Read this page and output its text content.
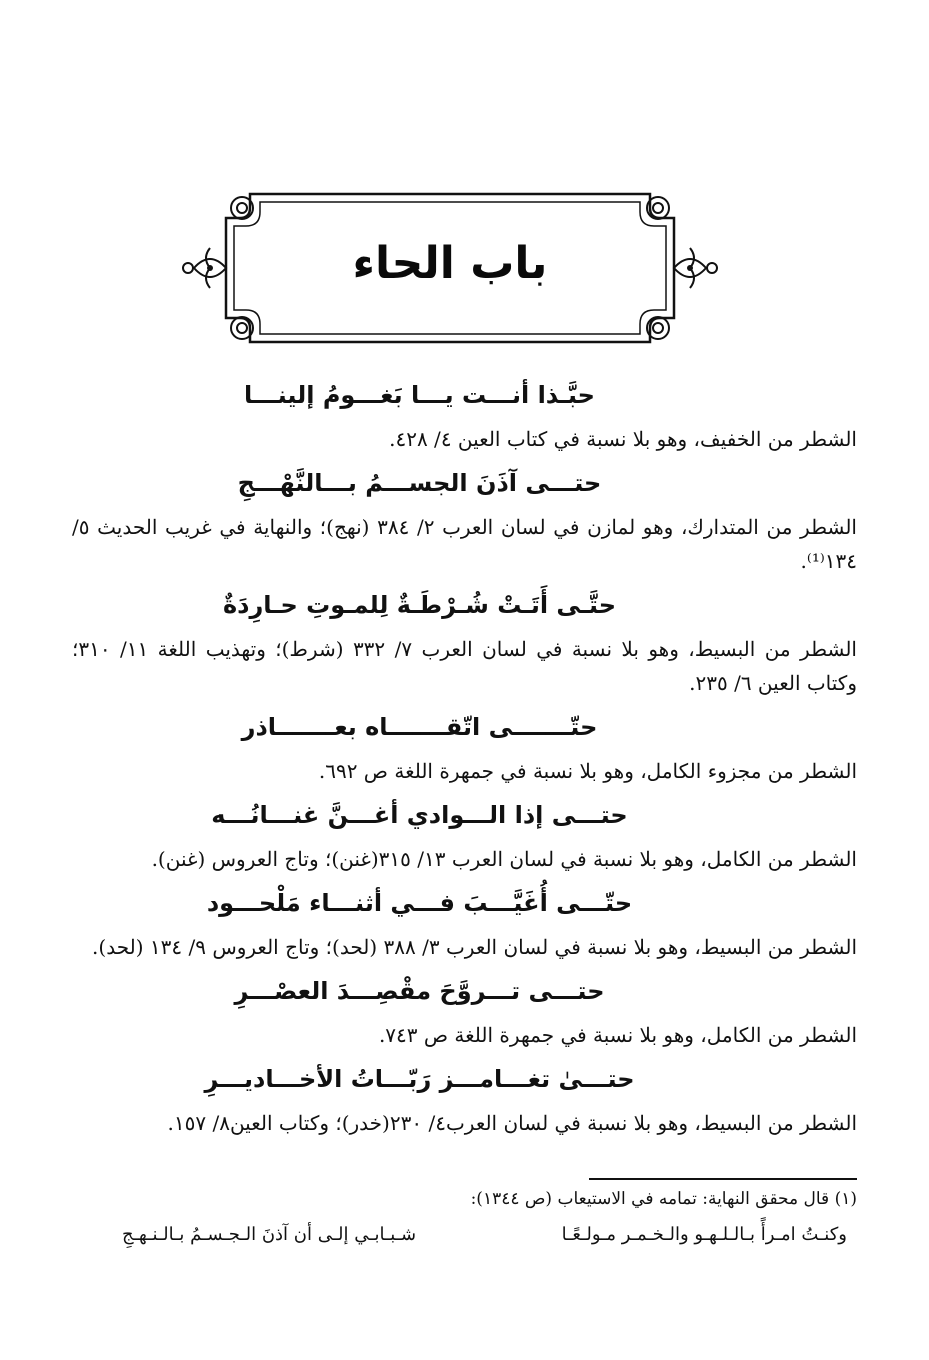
باب الحاء

حبَّـذا أنـــت يـــا بَغـــومُ إلينـــا

الشطر من الخفيف، وهو بلا نسبة في كتاب العين ٤/ ٤٢٨.

حتـــى آذَنَ الجســـمُ بـــالنَّهْـــجِ

الشطر من المتدارك، وهو لمازن في لسان العرب ٢/ ٣٨٤ (نهج)؛ والنهاية في غريب الحديث ٥/ ١٣٤⁽¹⁾.

حتَّـى أَتَـتْ شُـرْطَـةٌ لِلمـوتِ حـارِدَةٌ

الشطر من البسيط، وهو بلا نسبة في لسان العرب ٧/ ٣٣٢ (شرط)؛ وتهذيب اللغة ١١/ ٣١٠؛ وكتاب العين ٦/ ٢٣٥.

حتّـــــــى اتّقـــــــاه بعـــــــاذر

الشطر من مجزوء الكامل، وهو بلا نسبة في جمهرة اللغة ص ٦٩٢.

حتـــى إذا الـــوادي أغـــنَّ غنـــانُـــه

الشطر من الكامل، وهو بلا نسبة في لسان العرب ١٣/ ٣١٥(غنن)؛ وتاج العروس (غنن).

حتّـــى أُغَيَّـــبَ فـــي أثنـــاء مَلْحـــود

الشطر من البسيط، وهو بلا نسبة في لسان العرب ٣/ ٣٨٨ (لحد)؛ وتاج العروس ٩/ ١٣٤ (لحد).

حتـــى تـــروَّحَ مقْصِـــدَ العصْـــرِ

الشطر من الكامل، وهو بلا نسبة في جمهرة اللغة ص ٧٤٣.

حتـــىٰ تغـــامـــز رَبّـــاتُ الأخـــاديـــرِ

الشطر من البسيط، وهو بلا نسبة في لسان العرب٤/ ٢٣٠(خدر)؛ وكتاب العين٨/ ١٥٧.

(١) قال محقق النهاية: تمامه في الاستيعاب (ص ١٣٤٤):
وكنـتُ امـرأً بـالـلـهـو والـخـمـر مـولـعًـا
شـبـابـي إلـى أن آذنَ الـجـسـمُ بـالـنـهـجِ
